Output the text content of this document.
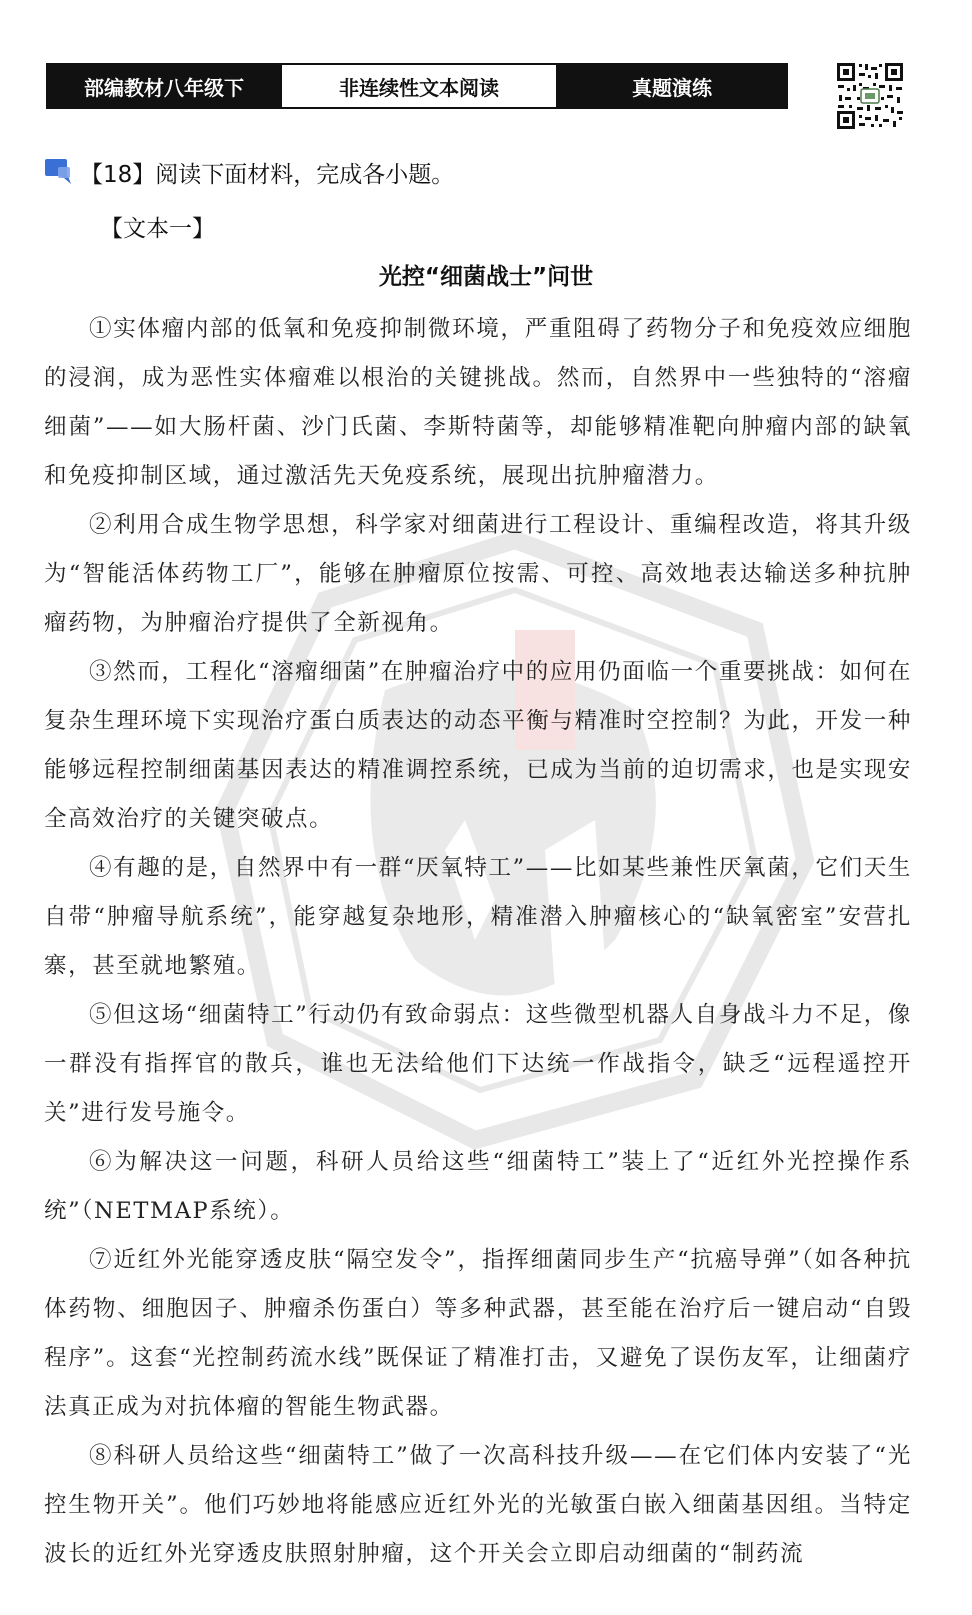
部编教材八年级下	非连续性文本阅读	真题演练
【18】阅读下面材料，完成各小题。
【文本一】
光控“细菌战士”问世

①实体瘤内部的低氧和免疫抑制微环境，严重阻碍了药物分子和免疫效应细胞的浸润，成为恶性实体瘤难以根治的关键挑战。然而，自然界中一些独特的“溶瘤细菌”——如大肠杆菌、沙门氏菌、李斯特菌等，却能够精准靶向肿瘤内部的缺氧和免疫抑制区域，通过激活先天免疫系统，展现出抗肿瘤潜力。

②利用合成生物学思想，科学家对细菌进行工程设计、重编程改造，将其升级为“智能活体药物工厂”，能够在肿瘤原位按需、可控、高效地表达输送多种抗肿瘤药物，为肿瘤治疗提供了全新视角。

③然而，工程化“溶瘤细菌”在肿瘤治疗中的应用仍面临一个重要挑战：如何在复杂生理环境下实现治疗蛋白质表达的动态平衡与精准时空控制？为此，开发一种能够远程控制细菌基因表达的精准调控系统，已成为当前的迫切需求，也是实现安全高效治疗的关键突破点。

④有趣的是，自然界中有一群“厌氧特工”——比如某些兼性厌氧菌，它们天生自带“肿瘤导航系统”，能穿越复杂地形，精准潜入肿瘤核心的“缺氧密室”安营扎寨，甚至就地繁殖。

⑤但这场“细菌特工”行动仍有致命弱点：这些微型机器人自身战斗力不足，像一群没有指挥官的散兵，谁也无法给他们下达统一作战指令，缺乏“远程遥控开关”进行发号施令。

⑥为解决这一问题，科研人员给这些“细菌特工”装上了“近红外光控操作系统”（NETMAP系统）。

⑦近红外光能穿透皮肤“隔空发令”，指挥细菌同步生产“抗癌导弹”（如各种抗体药物、细胞因子、肿瘤杀伤蛋白）等多种武器，甚至能在治疗后一键启动“自毁程序”。这套“光控制药流水线”既保证了精准打击，又避免了误伤友军，让细菌疗法真正成为对抗体瘤的智能生物武器。

⑧科研人员给这些“细菌特工”做了一次高科技升级——在它们体内安装了“光控生物开关”。他们巧妙地将能感应近红外光的光敏蛋白嵌入细菌基因组。当特定波长的近红外光穿透皮肤照射肿瘤，这个开关会立即启动细菌的“制药流
